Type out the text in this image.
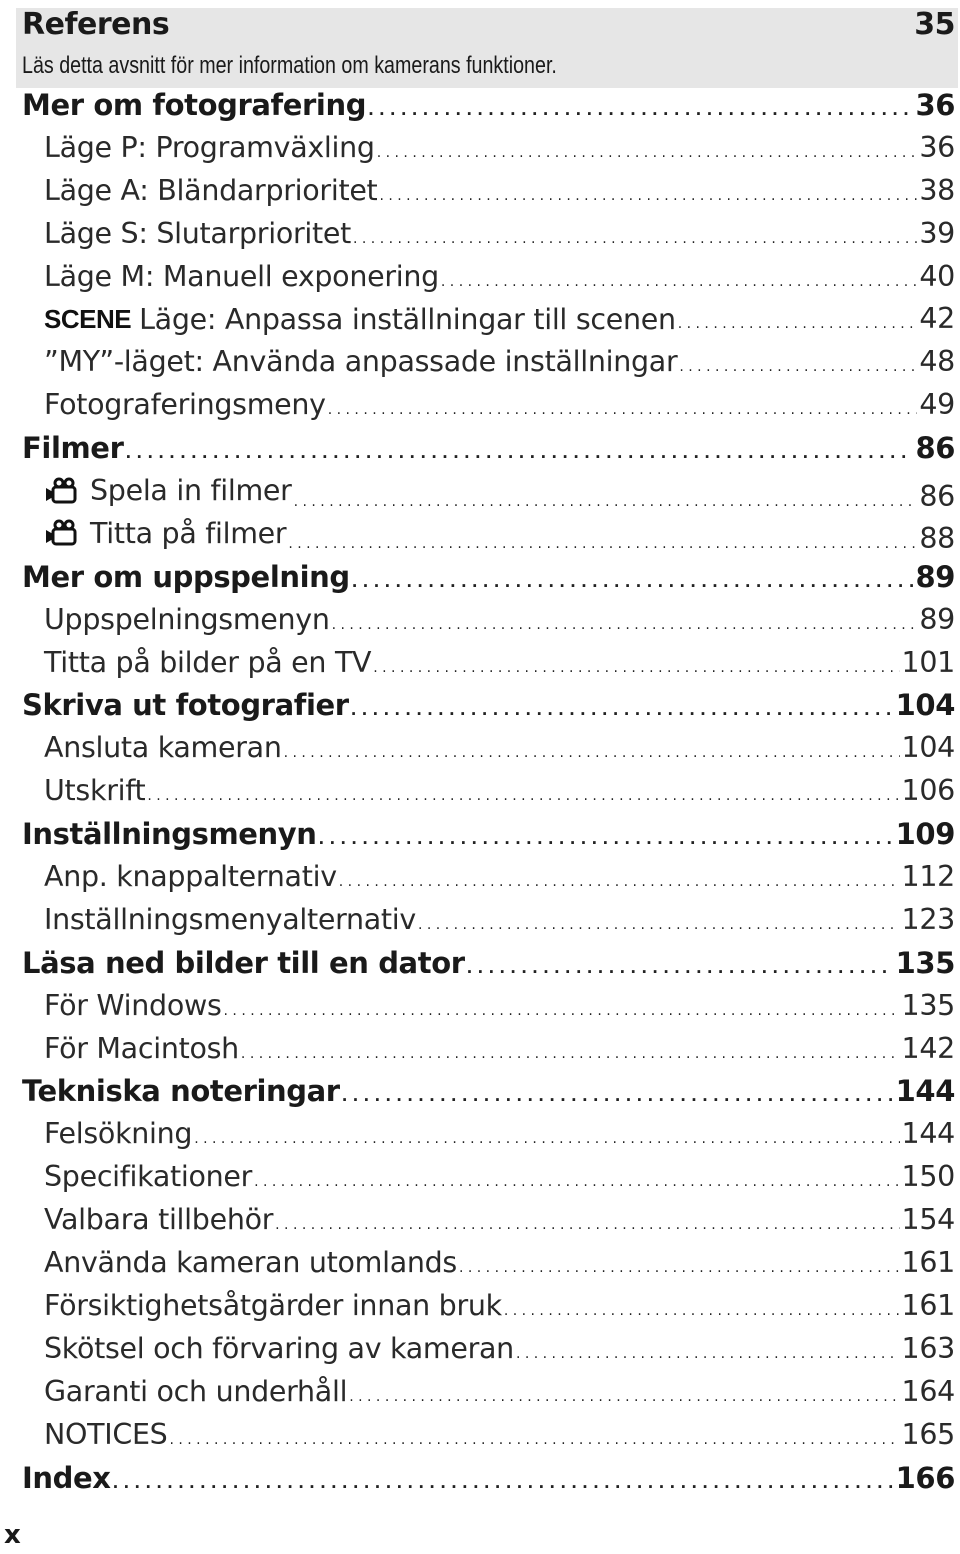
Referens	35
Läs detta avsnitt för mer information om kamerans funktioner.
Mer om fotografering . . .	36
Läge P: Programväxling . . .	36
Läge A: Bländarprioritet . . .	38
Läge S: Slutarprioritet . . .	39
Läge M: Manuell exponering . . .	40
SCENE Läge: Anpassa inställningar till scenen . . .	42
”MY”-läget: Använda anpassade inställningar . . .	48
Fotograferingsmeny . . .	49
Filmer . . .	86
Spela in filmer . . .	86
Titta på filmer . . .	88
Mer om uppspelning . . .	89
Uppspelningsmenyn . . .	89
Titta på bilder på en TV . . .	101
Skriva ut fotografier . . .	104
Ansluta kameran . . .	104
Utskrift . . .	106
Inställningsmenyn . . .	109
Anp. knappalternativ . . .	112
Inställningsmenyalternativ . . .	123
Läsa ned bilder till en dator . . .	135
För Windows . . .	135
För Macintosh . . .	142
Tekniska noteringar . . .	144
Felsökning . . .	144
Specifikationer . . .	150
Valbara tillbehör . . .	154
Använda kameran utomlands . . .	161
Försiktighetsåtgärder innan bruk . . .	161
Skötsel och förvaring av kameran . . .	163
Garanti och underhåll . . .	164
NOTICES . . .	165
Index . . .	166
x
